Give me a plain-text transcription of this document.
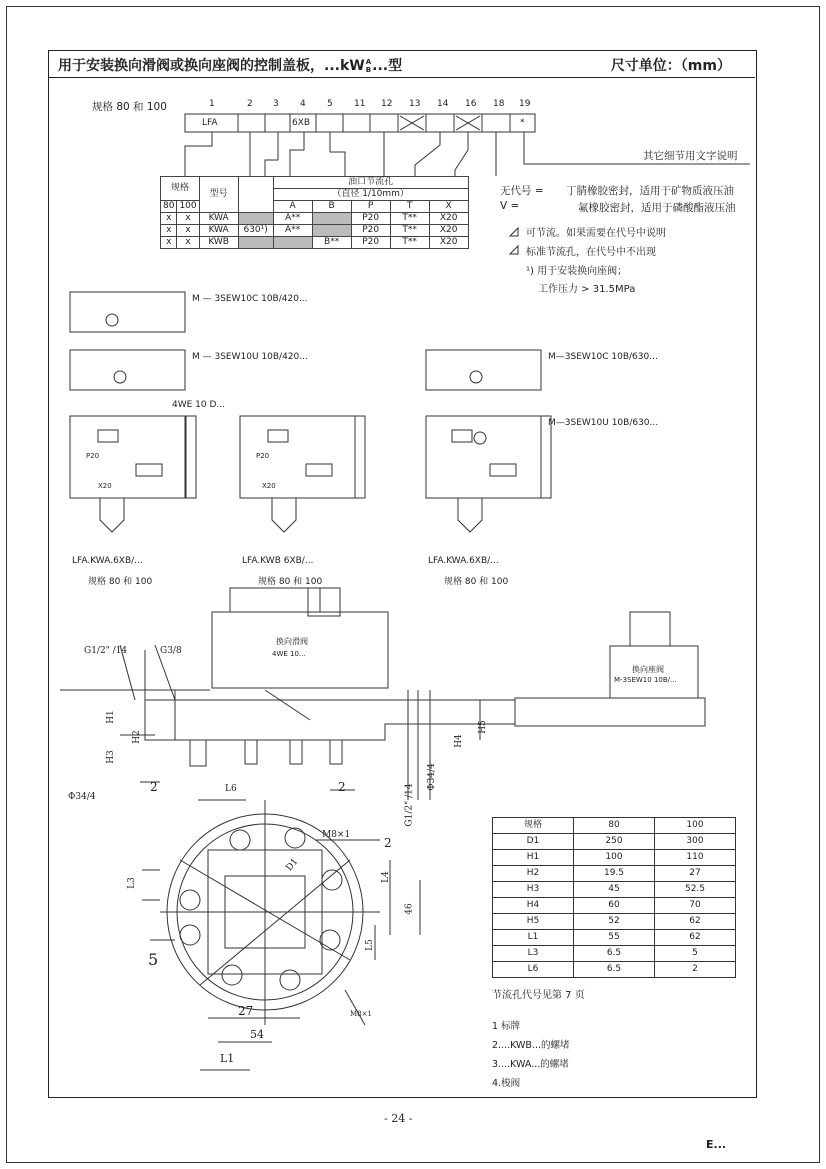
用于安装换向滑阀或换向座阀的控制盖板，...kWA
B...型	尺寸单位：（mm）
规格 80 和 100	1	2 3 4 5 11 12 13 14 16 18 19
LFA	6XB	*
其它细节用文字说明
无代号 = 丁腈橡胶密封，适用于矿物质液压油
V =	氟橡胶密封，适用于磷酸酯液压油
规格		型号		油口节流孔				
				（直径 1/10mm）				
80	100			A	B	P	T	X
x	x	KWA		A**		P20	T**	X20
x	x	KWA	630¹)	A**		P20	T**	X20
x	x	KWB			B**	P20	T**	X20
可节流。如果需要在代号中说明
标准节流孔，在代号中不出现
¹) 用于安装换向座阀；
工作压力 > 31.5MPa
M — 3SEW10C 10B/420...
M — 3SEW10U 10B/420...	M—3SEW10C 10B/630...
M—3SEW10U 10B/630...
4WE 10 D...
P20	P20
X20	X20
LFA.KWA.6XB/...	LFA.KWB 6XB/...	LFA.KWA.6XB/...
规格 80 和 100	规格 80 和 100	规格 80 和 100
G1/2" /14	G3/8
换向滑阀
4WE 10...
换向座阀
M-3SEW10 10B/...
Φ34/4
2	2
L6
H1
H2
H3
H4
H5
G1/2" /14
Φ34/4
M8×1
2
L3
L4
46
L5
5
27
54
L1
D1
M8×1
规格	80	100
D1	250	300
H1	100	110
H2	19.5	27
H3	45	52.5
H4	60	70
H5	52	62
L1	55	62
L3	6.5	5
L6	6.5	2
节流孔代号见第 7 页
1 标牌
2....KWB...的螺堵
3....KWA...的螺堵
4.梭阀
- 24 -
E...
